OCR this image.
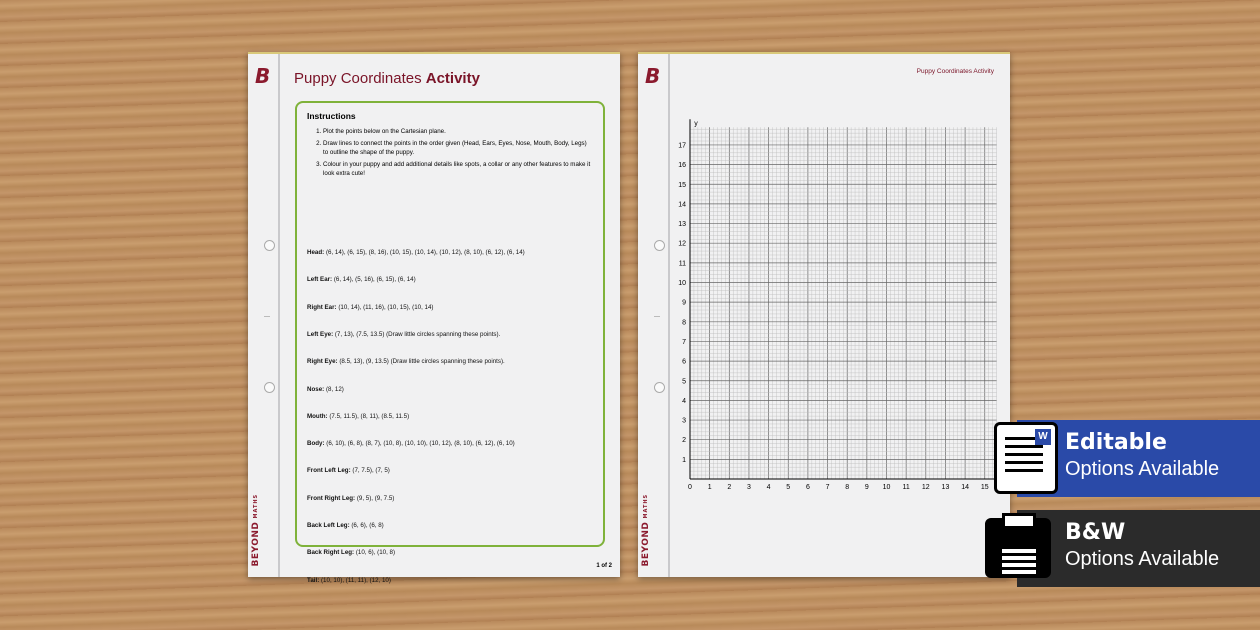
B
BEYONDMATHS
Puppy Coordinates Activity
Instructions
1. Plot the points below on the Cartesian plane.
2. Draw lines to connect the points in the order given (Head, Ears, Eyes, Nose, Mouth, Body, Legs) to outline the shape of the puppy.
3. Colour in your puppy and add additional details like spots, a collar or any other features to make it look extra cute!
Head: (6, 14), (6, 15), (8, 16), (10, 15), (10, 14), (10, 12), (8, 10), (6, 12), (6, 14)
Left Ear: (6, 14), (5, 16), (6, 15), (6, 14)
Right Ear: (10, 14), (11, 16), (10, 15), (10, 14)
Left Eye: (7, 13), (7.5, 13.5) (Draw little circles spanning these points).
Right Eye: (8.5, 13), (9, 13.5) (Draw little circles spanning these points).
Nose: (8, 12)
Mouth: (7.5, 11.5), (8, 11), (8.5, 11.5)
Body: (6, 10), (6, 8), (8, 7), (10, 8), (10, 10), (10, 12), (8, 10), (6, 12), (6, 10)
Front Left Leg: (7, 7.5), (7, 5)
Front Right Leg: (9, 5), (9, 7.5)
Back Left Leg: (6, 6), (6, 8)
Back Right Leg: (10, 6), (10, 8)
Tail: (10, 10), (11, 11), (12, 10)
1 of 2
B
BEYONDMATHS
Puppy Coordinates Activity
0 1 2 3 4 5 6 7 8 9 10 11 12 13 14 15
1
2
3
4
5
6
7
8
9
10
11
12
13
14
15
16
17
y
W Editable
Options Available
B&W
Options Available
